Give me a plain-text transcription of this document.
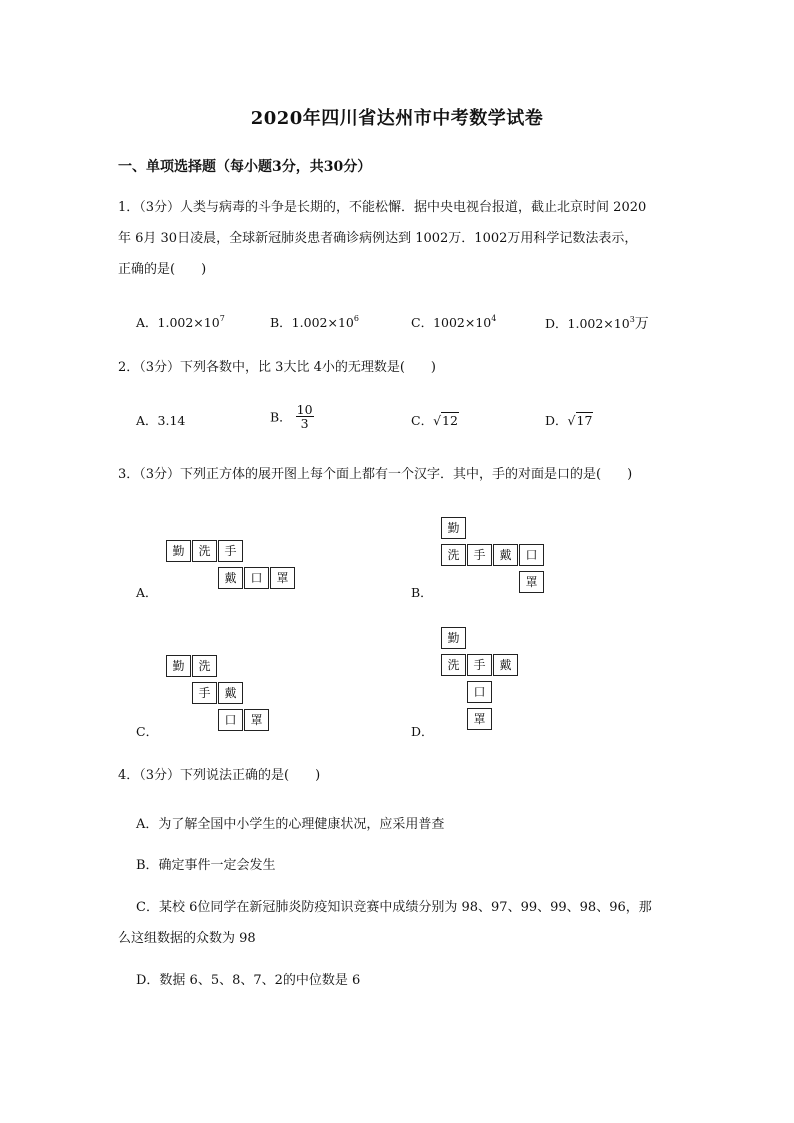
2020年四川省达州市中考数学试卷
一、单项选择题（每小题3分，共30分）
1．（3分）人类与病毒的斗争是长期的，不能松懈．据中央电视台报道，截止北京时间 2020
年 6月 30日凌晨，全球新冠肺炎患者确诊病例达到 1002万．1002万用科学记数法表示，
正确的是(　　)
A．$1.002\times 10^7$	B．$1.002\times 10^6$	C．$1002\times 10^4$	D．$1.002\times 10^3$万
2．（3分）下列各数中，比 3大比 4小的无理数是(　　)
A．3.14	B． $\frac{10}{3}$	C．√12	D．√17
3．（3分）下列正方体的展开图上每个面上都有一个汉字．其中，手的对面是口的是(　　)
A．
勤	洗	手
戴	口	罩
B．
勤
洗	手	戴	口
罩
C．
勤	洗
手	戴
口	罩
D．
勤
洗	手	戴
口
罩
4．（3分）下列说法正确的是(　　)
A．为了解全国中小学生的心理健康状况，应采用普查
B．确定事件一定会发生
C．某校 6位同学在新冠肺炎防疫知识竞赛中成绩分别为 98、97、99、99、98、96，那
么这组数据的众数为 98
D．数据 6、5、8、7、2的中位数是 6
